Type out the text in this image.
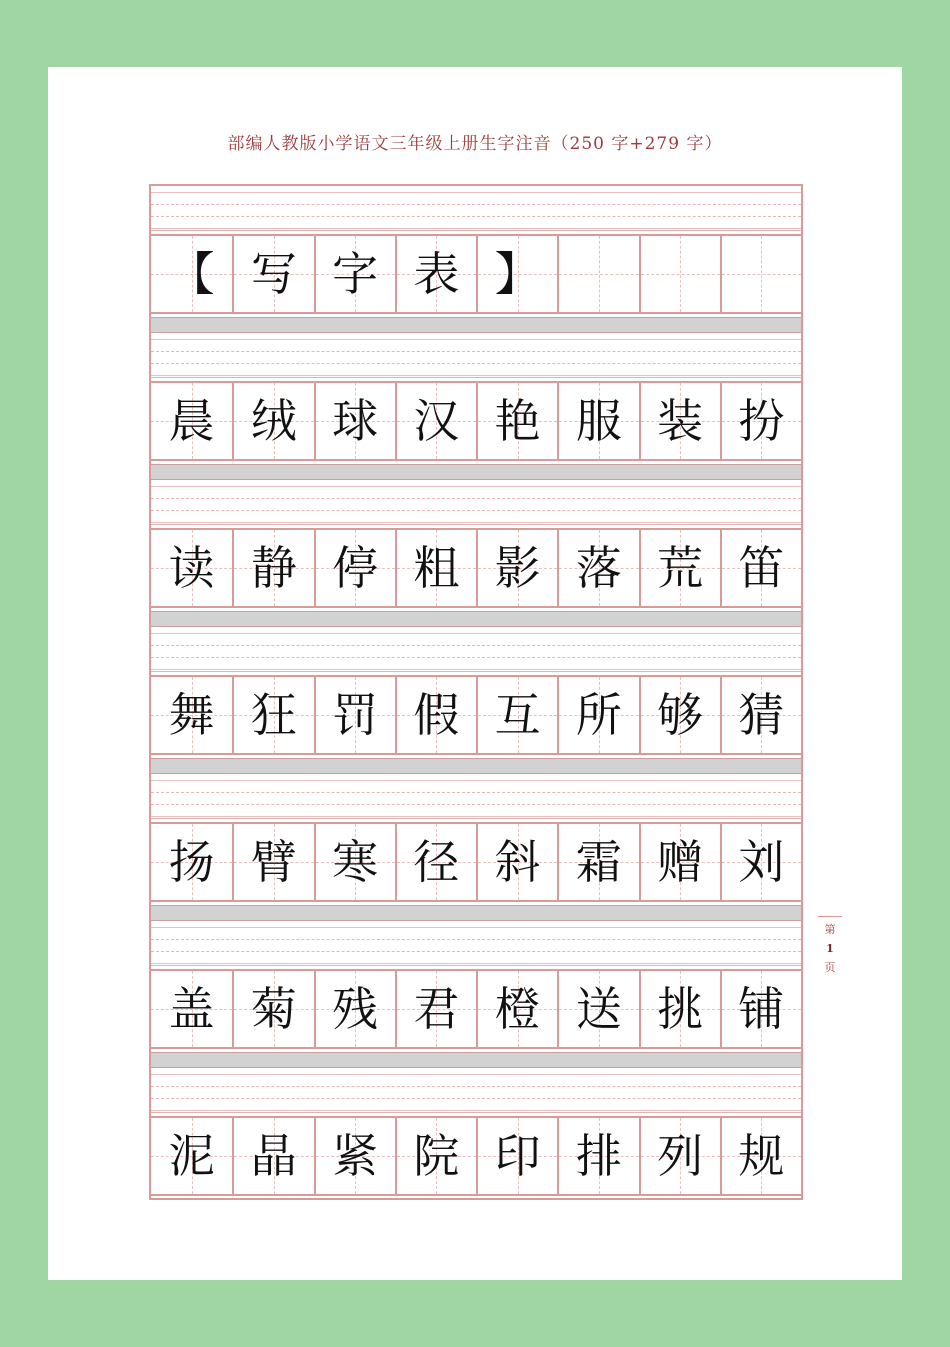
部编人教版小学语文三年级上册生字注音（250 字+279 字）
【 写 字 表 】
晨 绒 球 汉 艳 服 装 扮
读 静 停 粗 影 落 荒 笛
舞 狂 罚 假 互 所 够 猜
扬 臂 寒 径 斜 霜 赠 刘
盖 菊 残 君 橙 送 挑 铺
泥 晶 紧 院 印 排 列 规
第
1
页
